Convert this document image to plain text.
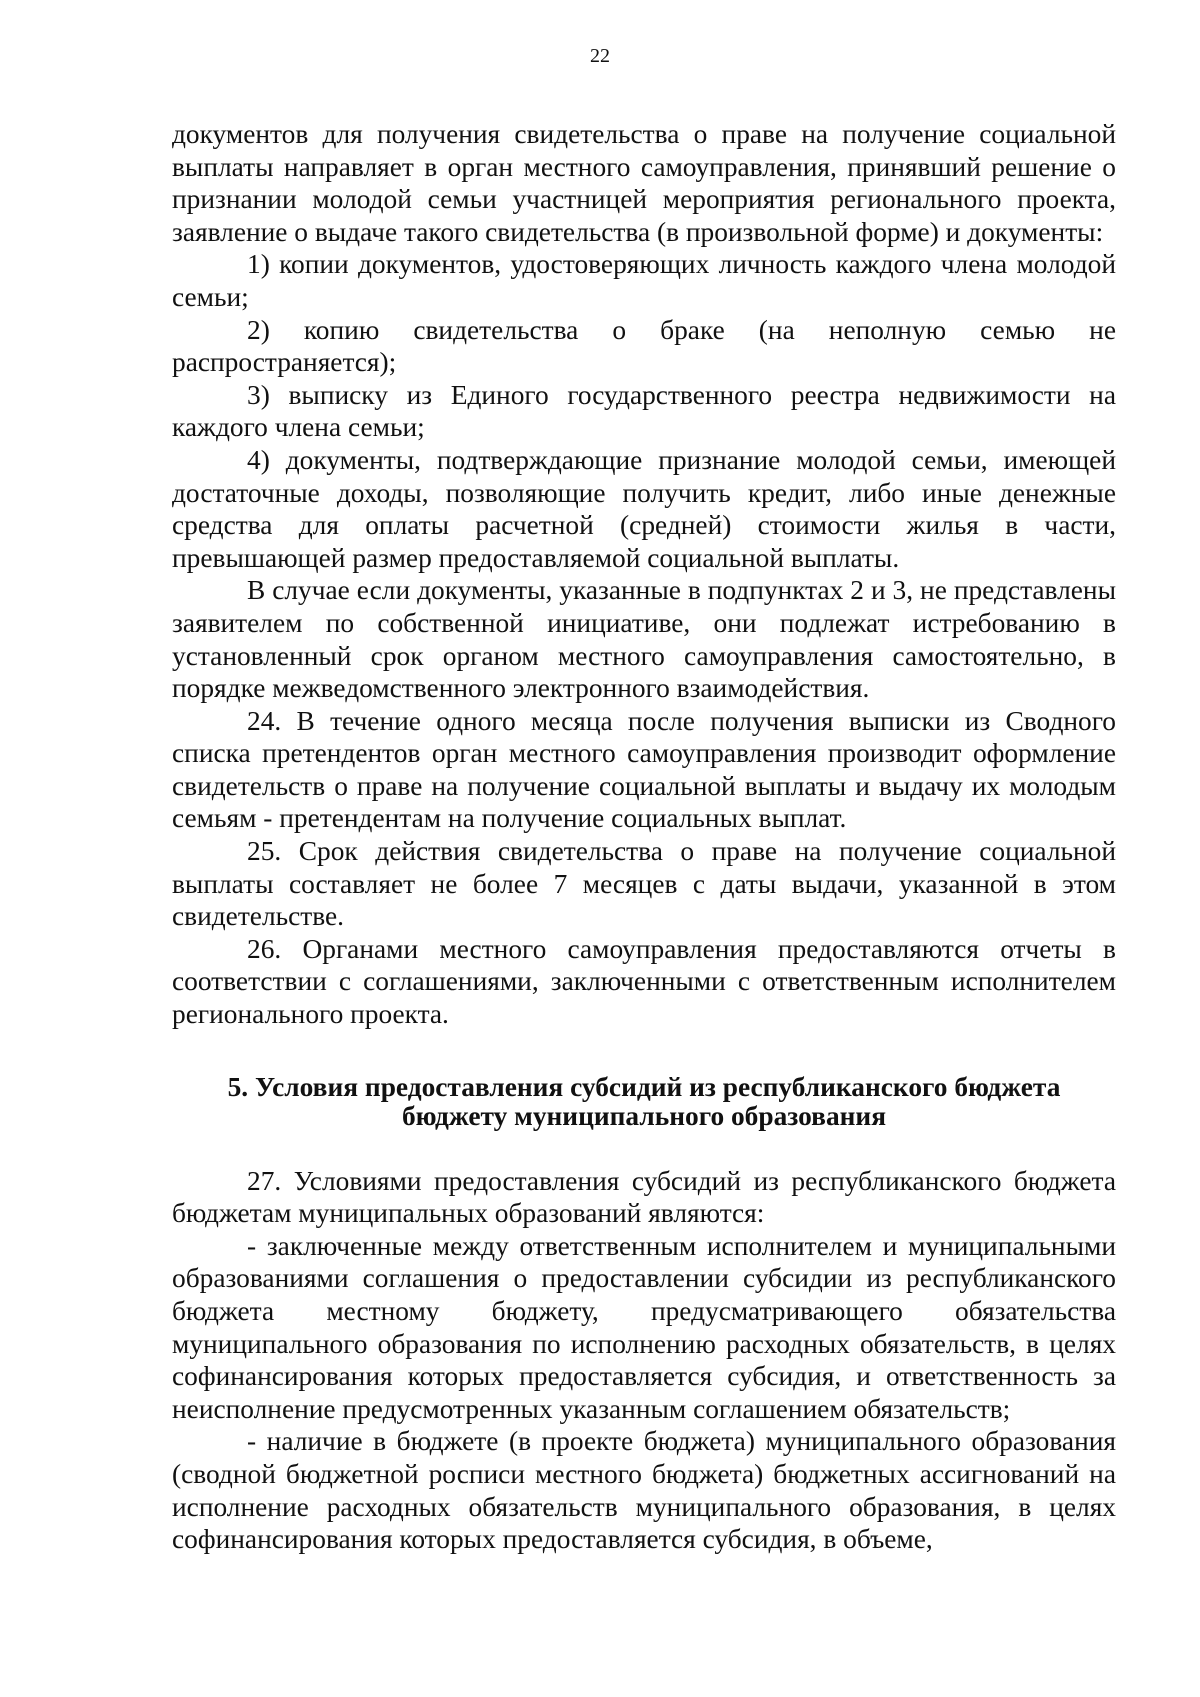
22

документов для получения свидетельства о праве на получение социальной выплаты направляет в орган местного самоуправления, принявший решение о признании молодой семьи участницей мероприятия регионального проекта, заявление о выдаче такого свидетельства (в произвольной форме) и документы:

1) копии документов, удостоверяющих личность каждого члена молодой семьи;

2) копию свидетельства о браке (на неполную семью не распространяется);

3) выписку из Единого государственного реестра недвижимости на каждого члена семьи;

4) документы, подтверждающие признание молодой семьи, имеющей достаточные доходы, позволяющие получить кредит, либо иные денежные средства для оплаты расчетной (средней) стоимости жилья в части, превышающей размер предоставляемой социальной выплаты.

В случае если документы, указанные в подпунктах 2 и 3, не представлены заявителем по собственной инициативе, они подлежат истребованию в установленный срок органом местного самоуправления самостоятельно, в порядке межведомственного электронного взаимодействия.

24. В течение одного месяца после получения выписки из Сводного списка претендентов орган местного самоуправления производит оформление свидетельств о праве на получение социальной выплаты и выдачу их молодым семьям - претендентам на получение социальных выплат.

25. Срок действия свидетельства о праве на получение социальной выплаты составляет не более 7 месяцев с даты выдачи, указанной в этом свидетельстве.

26. Органами местного самоуправления предоставляются отчеты в соответствии с соглашениями, заключенными с ответственным исполнителем регионального проекта.

5. Условия предоставления субсидий из республиканского бюджета
бюджету муниципального образования

27. Условиями предоставления субсидий из республиканского бюджета бюджетам муниципальных образований являются:

- заключенные между ответственным исполнителем и муниципальными образованиями соглашения о предоставлении субсидии из республиканского бюджета местному бюджету, предусматривающего обязательства муниципального образования по исполнению расходных обязательств, в целях софинансирования которых предоставляется субсидия, и ответственность за неисполнение предусмотренных указанным соглашением обязательств;

- наличие в бюджете (в проекте бюджета) муниципального образования (сводной бюджетной росписи местного бюджета) бюджетных ассигнований на исполнение расходных обязательств муниципального образования, в целях софинансирования которых предоставляется субсидия, в объеме,
